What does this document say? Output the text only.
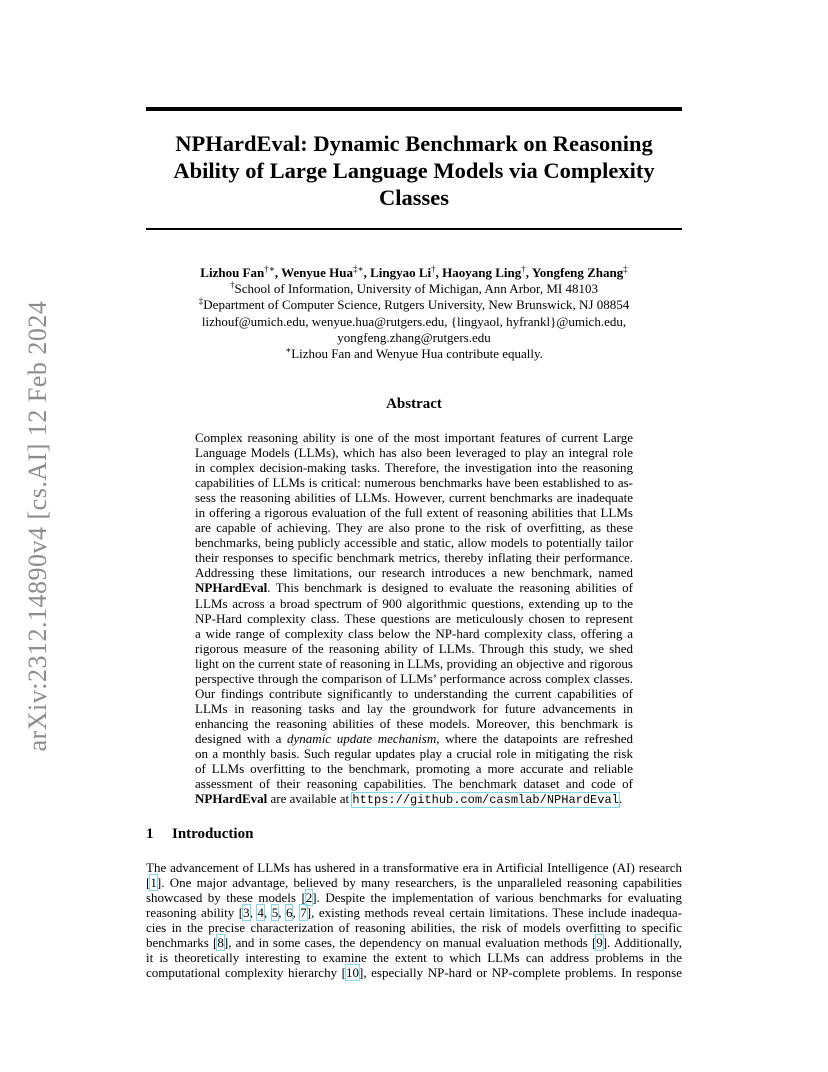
arXiv:2312.14890v4 [cs.AI] 12 Feb 2024
NPHardEval: Dynamic Benchmark on Reasoning
Ability of Large Language Models via Complexity
Classes
Lizhou Fan†∗, Wenyue Hua‡∗, Lingyao Li†, Haoyang Ling†, Yongfeng Zhang‡
†School of Information, University of Michigan, Ann Arbor, MI 48103
‡Department of Computer Science, Rutgers University, New Brunswick, NJ 08854
lizhouf@umich.edu, wenyue.hua@rutgers.edu, {lingyaol, hyfrankl}@umich.edu,
yongfeng.zhang@rutgers.edu
∗Lizhou Fan and Wenyue Hua contribute equally.
Abstract
Complex reasoning ability is one of the most important features of current Large
Language Models (LLMs), which has also been leveraged to play an integral role
in complex decision-making tasks. Therefore, the investigation into the reasoning
capabilities of LLMs is critical: numerous benchmarks have been established to as-
sess the reasoning abilities of LLMs. However, current benchmarks are inadequate
in offering a rigorous evaluation of the full extent of reasoning abilities that LLMs
are capable of achieving. They are also prone to the risk of overfitting, as these
benchmarks, being publicly accessible and static, allow models to potentially tailor
their responses to specific benchmark metrics, thereby inflating their performance.
Addressing these limitations, our research introduces a new benchmark, named
NPHardEval. This benchmark is designed to evaluate the reasoning abilities of
LLMs across a broad spectrum of 900 algorithmic questions, extending up to the
NP-Hard complexity class. These questions are meticulously chosen to represent
a wide range of complexity class below the NP-hard complexity class, offering a
rigorous measure of the reasoning ability of LLMs. Through this study, we shed
light on the current state of reasoning in LLMs, providing an objective and rigorous
perspective through the comparison of LLMs’ performance across complex classes.
Our findings contribute significantly to understanding the current capabilities of
LLMs in reasoning tasks and lay the groundwork for future advancements in
enhancing the reasoning abilities of these models. Moreover, this benchmark is
designed with a dynamic update mechanism, where the datapoints are refreshed
on a monthly basis. Such regular updates play a crucial role in mitigating the risk
of LLMs overfitting to the benchmark, promoting a more accurate and reliable
assessment of their reasoning capabilities. The benchmark dataset and code of
NPHardEval are available at https://github.com/casmlab/NPHardEval.
1 Introduction
The advancement of LLMs has ushered in a transformative era in Artificial Intelligence (AI) research
[1]. One major advantage, believed by many researchers, is the unparalleled reasoning capabilities
showcased by these models [2]. Despite the implementation of various benchmarks for evaluating
reasoning ability [3, 4, 5, 6, 7], existing methods reveal certain limitations. These include inadequa-
cies in the precise characterization of reasoning abilities, the risk of models overfitting to specific
benchmarks [8], and in some cases, the dependency on manual evaluation methods [9]. Additionally,
it is theoretically interesting to examine the extent to which LLMs can address problems in the
computational complexity hierarchy [10], especially NP-hard or NP-complete problems. In response
